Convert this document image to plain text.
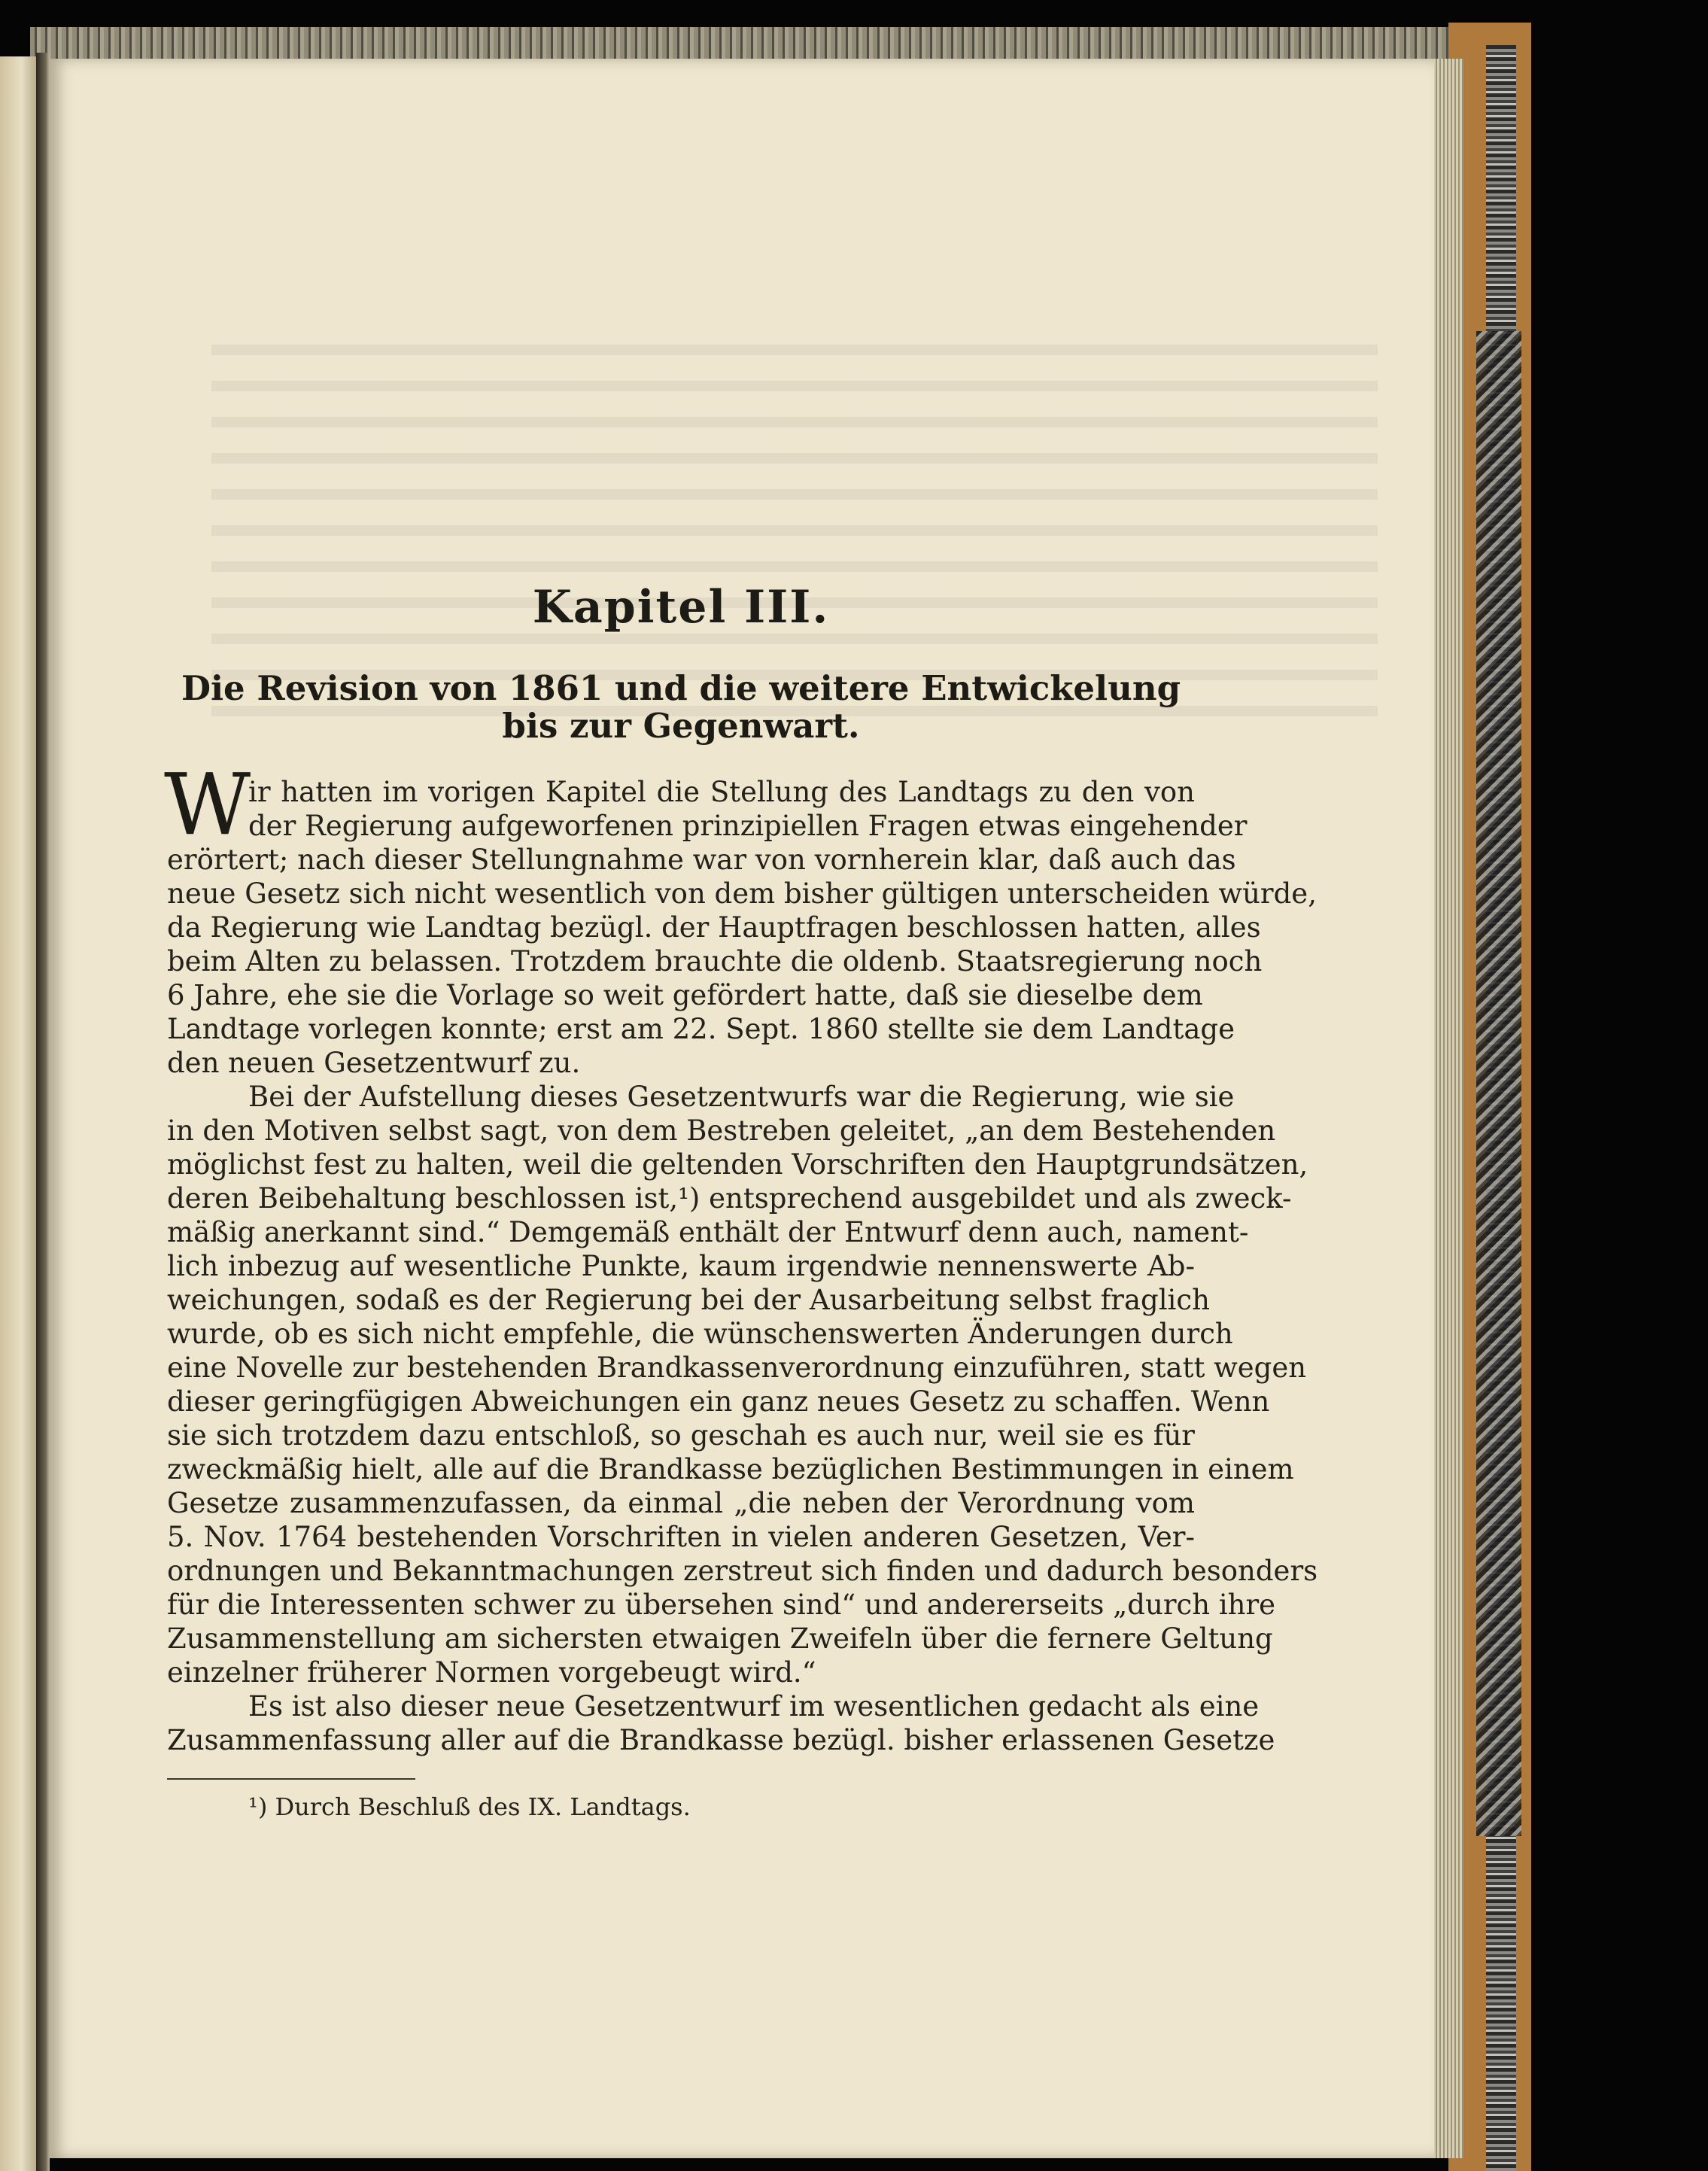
Kapitel III.
Die Revision von 1861 und die weitere Entwickelung
bis zur Gegenwart.
W
ir hatten im vorigen Kapitel die Stellung des Landtags zu den von
der Regierung aufgeworfenen prinzipiellen Fragen etwas eingehender
erörtert; nach dieser Stellungnahme war von vornherein klar, daß auch das
neue Gesetz sich nicht wesentlich von dem bisher gültigen unterscheiden würde,
da Regierung wie Landtag bezügl. der Hauptfragen beschlossen hatten, alles
beim Alten zu belassen. Trotzdem brauchte die oldenb. Staatsregierung noch
6 Jahre, ehe sie die Vorlage so weit gefördert hatte, daß sie dieselbe dem
Landtage vorlegen konnte; erst am 22. Sept. 1860 stellte sie dem Landtage
den neuen Gesetzentwurf zu.
Bei der Aufstellung dieses Gesetzentwurfs war die Regierung, wie sie
in den Motiven selbst sagt, von dem Bestreben geleitet, „an dem Bestehenden
möglichst fest zu halten, weil die geltenden Vorschriften den Hauptgrundsätzen,
deren Beibehaltung beschlossen ist,¹) entsprechend ausgebildet und als zweck-
mäßig anerkannt sind.“ Demgemäß enthält der Entwurf denn auch, nament-
lich inbezug auf wesentliche Punkte, kaum irgendwie nennenswerte Ab-
weichungen, sodaß es der Regierung bei der Ausarbeitung selbst fraglich
wurde, ob es sich nicht empfehle, die wünschenswerten Änderungen durch
eine Novelle zur bestehenden Brandkassenverordnung einzuführen, statt wegen
dieser geringfügigen Abweichungen ein ganz neues Gesetz zu schaffen. Wenn
sie sich trotzdem dazu entschloß, so geschah es auch nur, weil sie es für
zweckmäßig hielt, alle auf die Brandkasse bezüglichen Bestimmungen in einem
Gesetze zusammenzufassen, da einmal „die neben der Verordnung vom
5. Nov. 1764 bestehenden Vorschriften in vielen anderen Gesetzen, Ver-
ordnungen und Bekanntmachungen zerstreut sich finden und dadurch besonders
für die Interessenten schwer zu übersehen sind“ und andererseits „durch ihre
Zusammenstellung am sichersten etwaigen Zweifeln über die fernere Geltung
einzelner früherer Normen vorgebeugt wird.“
Es ist also dieser neue Gesetzentwurf im wesentlichen gedacht als eine
Zusammenfassung aller auf die Brandkasse bezügl. bisher erlassenen Gesetze
¹) Durch Beschluß des IX. Landtags.
